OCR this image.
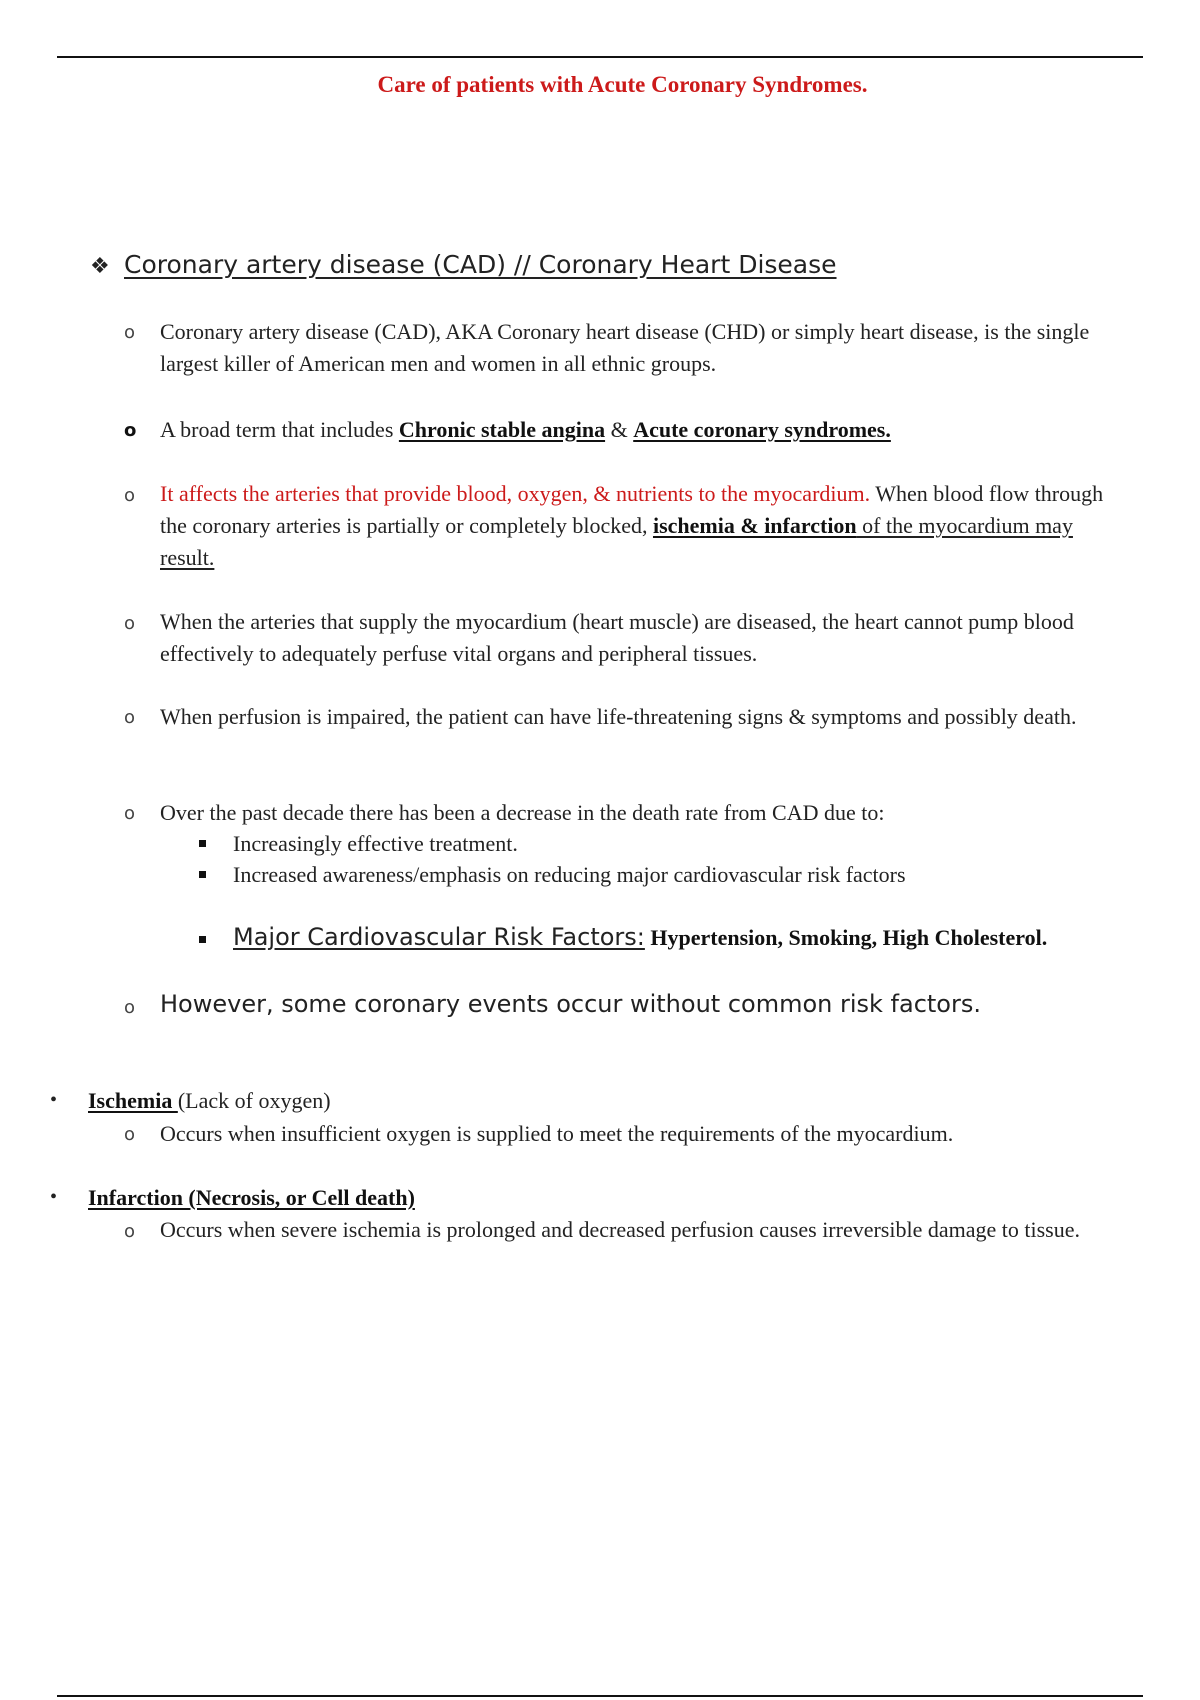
Care of patients with Acute Coronary Syndromes.
❖ Coronary artery disease (CAD) // Coronary Heart Disease
o Coronary artery disease (CAD), AKA Coronary heart disease (CHD) or simply heart disease, is the single largest killer of American men and women in all ethnic groups.
o A broad term that includes Chronic stable angina & Acute coronary syndromes.
o It affects the arteries that provide blood, oxygen, & nutrients to the myocardium. When blood flow through the coronary arteries is partially or completely blocked, ischemia & infarction of the myocardium may result.
o When the arteries that supply the myocardium (heart muscle) are diseased, the heart cannot pump blood effectively to adequately perfuse vital organs and peripheral tissues.
o When perfusion is impaired, the patient can have life-threatening signs & symptoms and possibly death.
o Over the past decade there has been a decrease in the death rate from CAD due to:
Increasingly effective treatment.
Increased awareness/emphasis on reducing major cardiovascular risk factors
Major Cardiovascular Risk Factors: Hypertension, Smoking, High Cholesterol.
o However, some coronary events occur without common risk factors.
• Ischemia (Lack of oxygen)
o Occurs when insufficient oxygen is supplied to meet the requirements of the myocardium.
• Infarction (Necrosis, or Cell death)
o Occurs when severe ischemia is prolonged and decreased perfusion causes irreversible damage to tissue.
